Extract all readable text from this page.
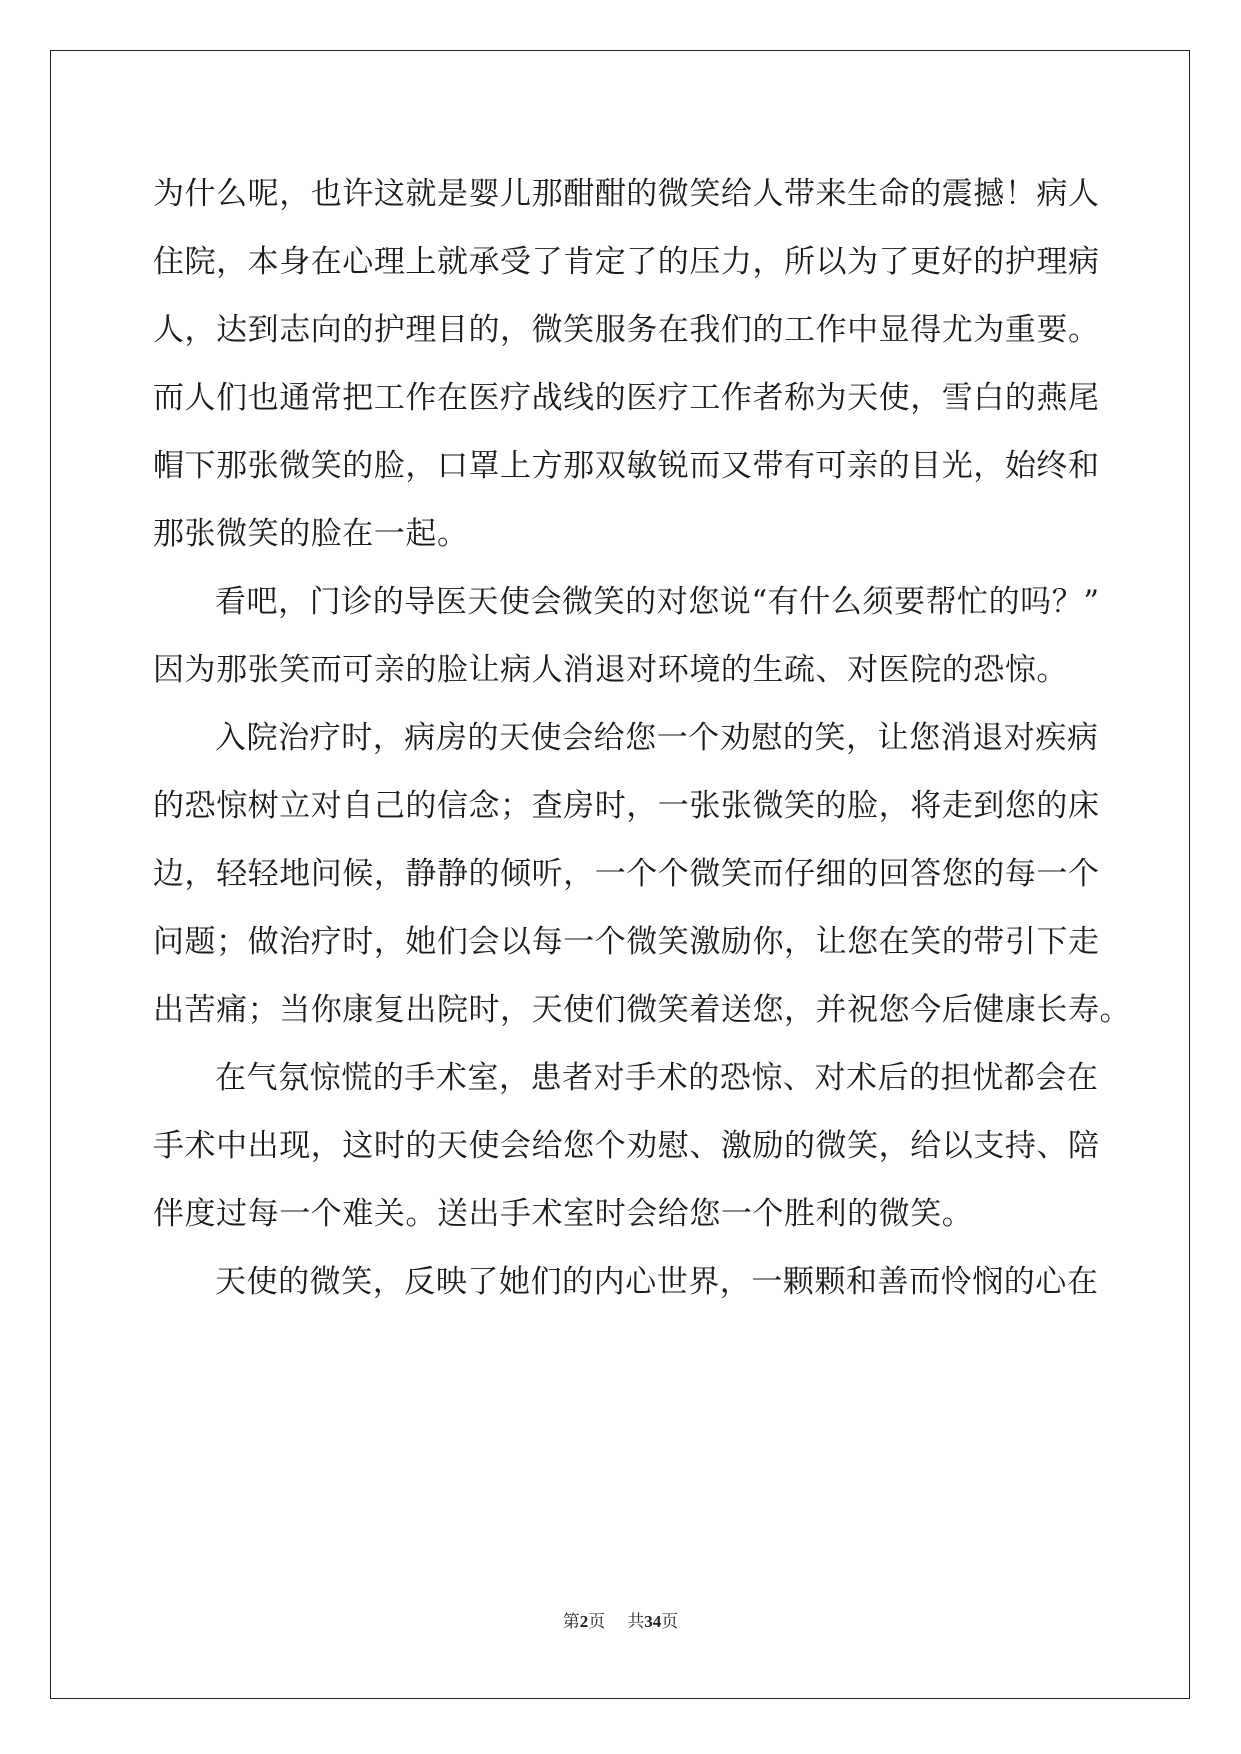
为什么呢，也许这就是婴儿那酣酣的微笑给人带来生命的震撼！病人
住院，本身在心理上就承受了肯定了的压力，所以为了更好的护理病
人，达到志向的护理目的，微笑服务在我们的工作中显得尤为重要。
而人们也通常把工作在医疗战线的医疗工作者称为天使，雪白的燕尾
帽下那张微笑的脸，口罩上方那双敏锐而又带有可亲的目光，始终和
那张微笑的脸在一起。
看吧，门诊的导医天使会微笑的对您说“有什么须要帮忙的吗？”
因为那张笑而可亲的脸让病人消退对环境的生疏、对医院的恐惊。
入院治疗时，病房的天使会给您一个劝慰的笑，让您消退对疾病
的恐惊树立对自己的信念；查房时，一张张微笑的脸，将走到您的床
边，轻轻地问候，静静的倾听，一个个微笑而仔细的回答您的每一个
问题；做治疗时，她们会以每一个微笑激励你，让您在笑的带引下走
出苦痛；当你康复出院时，天使们微笑着送您，并祝您今后健康长寿。
在气氛惊慌的手术室，患者对手术的恐惊、对术后的担忧都会在
手术中出现，这时的天使会给您个劝慰、激励的微笑，给以支持、陪
伴度过每一个难关。送出手术室时会给您一个胜利的微笑。
天使的微笑，反映了她们的内心世界，一颗颗和善而怜悯的心在
第2页 共34页
